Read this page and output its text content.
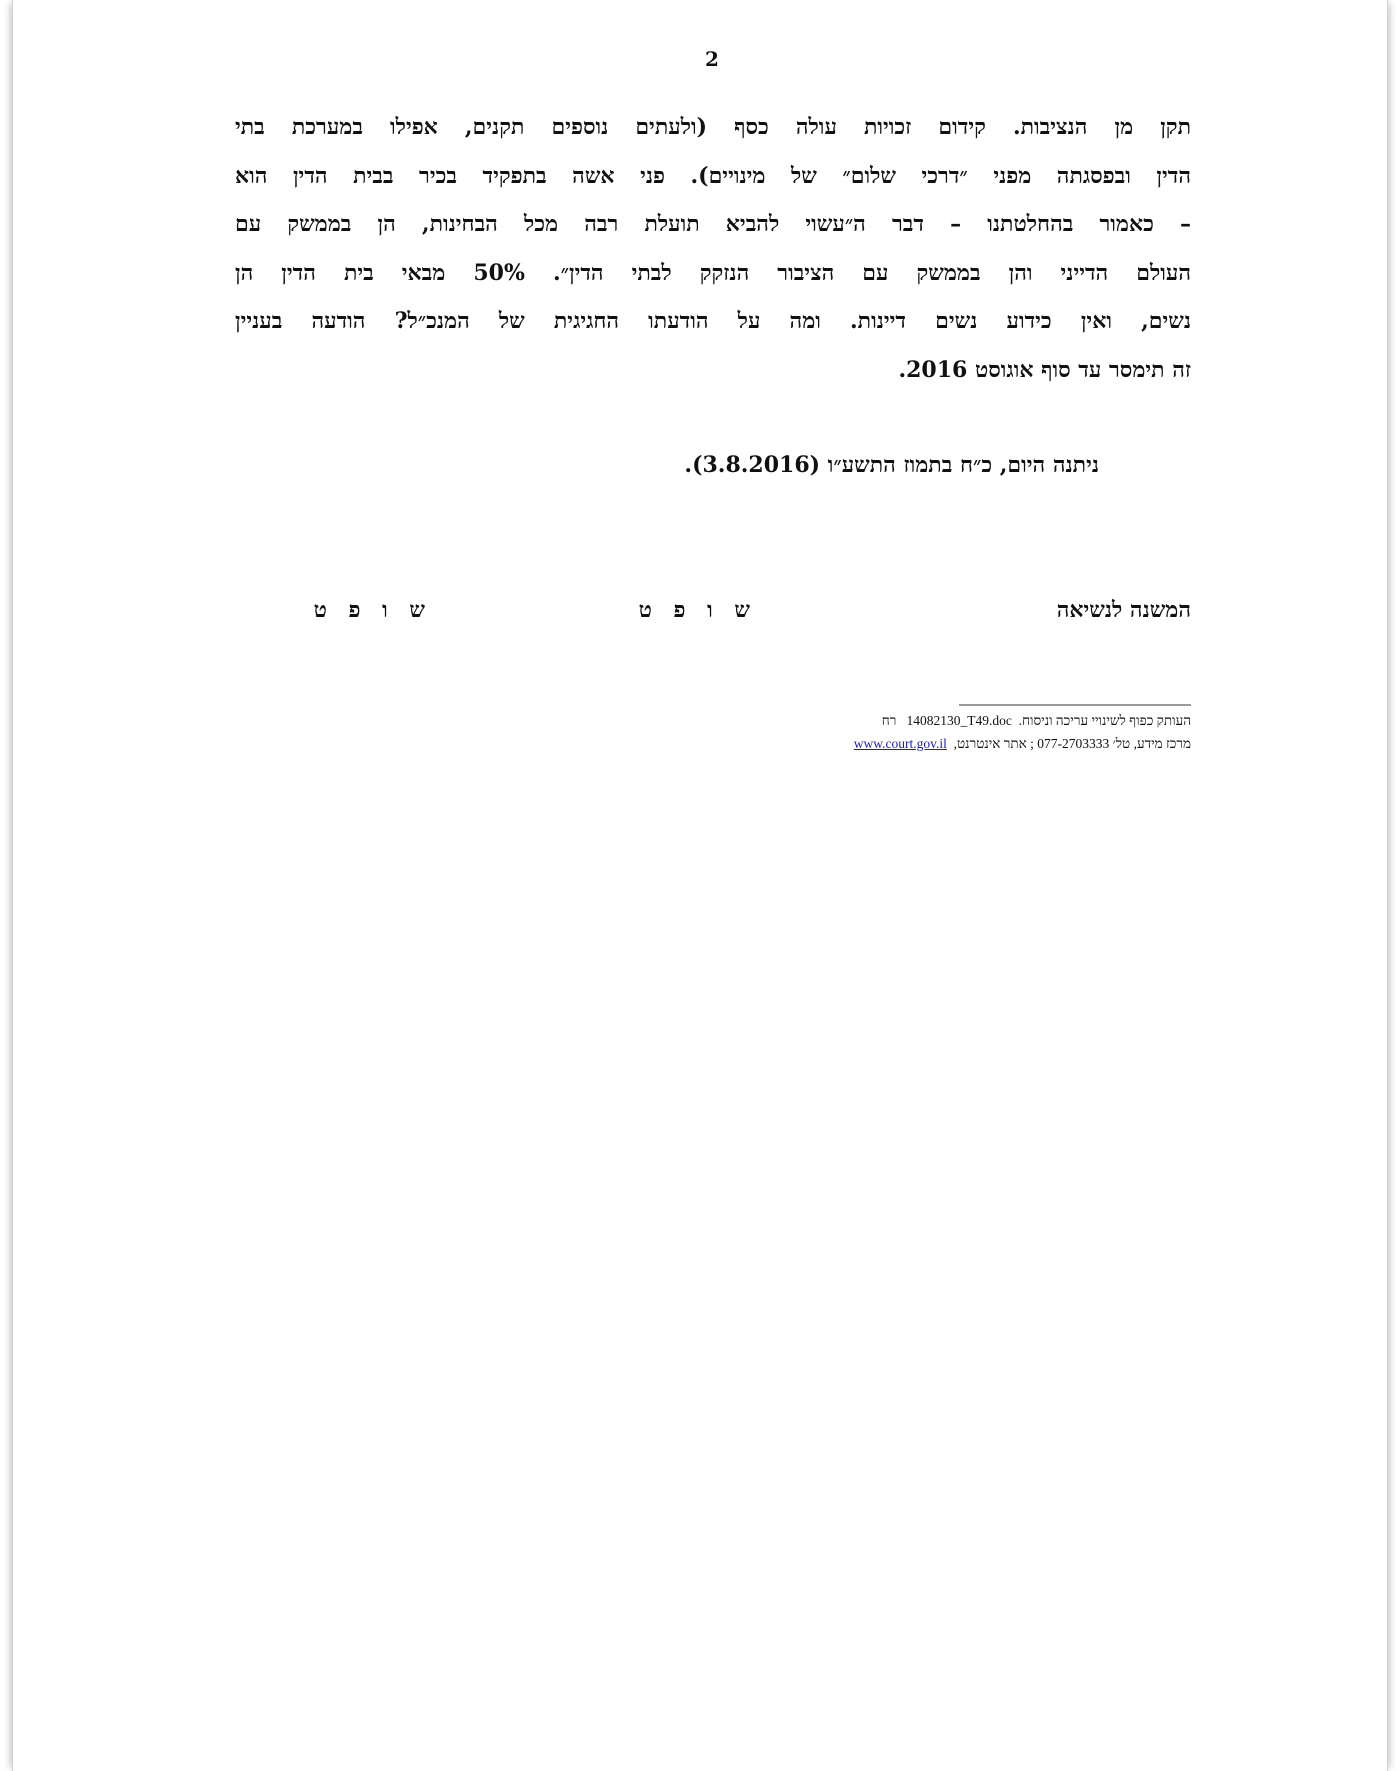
2
תקן מן הנציבות. קידום זכויות עולה כסף (ולעתים נוספים תקנים, אפילו במערכת בתי
הדין ובפסגתה מפני ״דרכי שלום״ של מינויים). פני אשה בתפקיד בכיר בבית הדין הוא
– כאמור בהחלטתנו – דבר ה״עשוי להביא תועלת רבה מכל הבחינות, הן בממשק עם
העולם הדייני והן בממשק עם הציבור הנזקק לבתי הדין״. 50% מבאי בית הדין הן
נשים, ואין כידוע נשים דיינות. ומה על הודעתו החגיגית של המנכ״ל? הודעה בעניין
זה תימסר עד סוף אוגוסט 2016.
ניתנה היום, כ״ח בתמוז התשע״ו (3.8.2016).
המשנה לנשיאה
ש ו פ ט
ש ו פ ט
העותק כפוף לשינויי עריכה וניסוח.  14082130_T49.doc   רח
מרכז מידע, טל׳ 077-2703333 ; אתר אינטרנט,  www.court.gov.il
